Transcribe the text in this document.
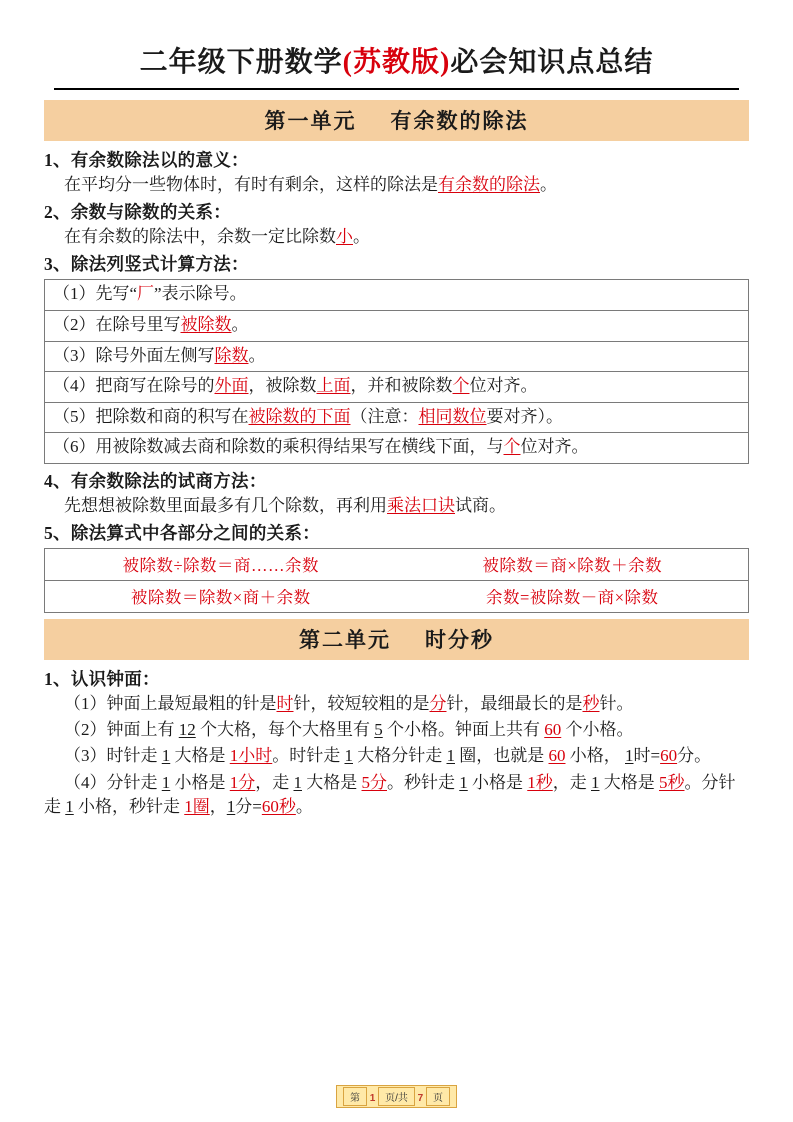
二年级下册数学(苏教版)必会知识点总结
第一单元 有余数的除法
1、有余数除法以的意义：
在平均分一些物体时，有时有剩余，这样的除法是有余数的除法。
2、余数与除数的关系：
在有余数的除法中，余数一定比除数小。
3、除法列竖式计算方法：
（1）先写“厂”表示除号。
（2）在除号里写被除数。
（3）除号外面左侧写除数。
（4）把商写在除号的外面，被除数上面，并和被除数个位对齐。
（5）把除数和商的积写在被除数的下面（注意：相同数位要对齐）。
（6）用被除数减去商和除数的乘积得结果写在横线下面，与个位对齐。
4、有余数除法的试商方法：
先想想被除数里面最多有几个除数，再利用乘法口诀试商。
5、除法算式中各部分之间的关系：
被除数÷除数＝商……余数	被除数＝商×除数＋余数
被除数＝除数×商＋余数	余数=被除数－商×除数
第二单元 时分秒
1、认识钟面：
（1）钟面上最短最粗的针是时针，较短较粗的是分针，最细最长的是秒针。
（2）钟面上有 12 个大格，每个大格里有 5 个小格。钟面上共有 60 个小格。
（3）时针走 1 大格是 1小时。时针走 1 大格分针走 1 圈，也就是 60 小格， 1时=60分。
（4）分针走 1 小格是 1分，走 1 大格是 5分。秒针走 1 小格是 1秒，走 1 大格是 5秒。分针走 1 小格，秒针走 1圈，1分=60秒。
第 1 页/共 7 页
